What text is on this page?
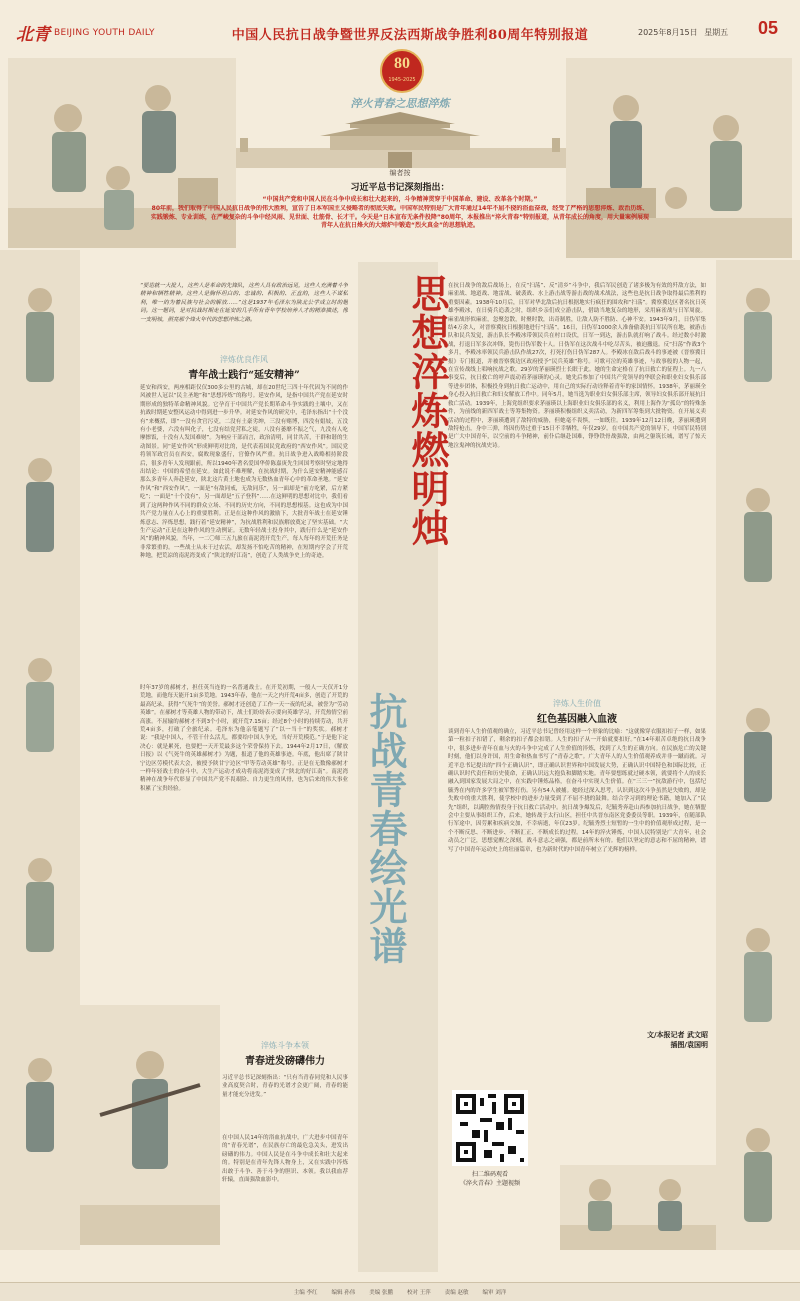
北青 BEIJING YOUTH DAILY	中国人民抗日战争暨世界反法西斯战争胜利80周年特别报道	2025年8月15日 星期五 05
80
1945-2025
淬火青春之思想淬炼
编者按
习近平总书记深刻指出：
“中国共产党和中国人民在斗争中成长和壮大起来的，斗争精神贯穿于中国革命、建设、改革各个时期。”
80年前，我们取得了中国人民抗日战争的伟大胜利，宣告了日本军国主义侵略者的彻底失败。中国军民特别是广大青年通过14年不屈不挠的浴血奋战，经受了严格的思想淬炼、政治历练、实践锻炼、专业训练，在严峻复杂的斗争中经风雨、见世面、壮筋骨、长才干。今天是“日本宣布无条件投降”80周年，本报推出“淬火青春”特别报道，从青年成长的角度，用大量案例展现青年人在抗日烽火的大熔炉中锻造“烈火真金”的思想轨迹。
思想淬炼燃明烛
抗战青春绘光谱
“要造就一大批人，这些人是革命的先锋队，这些人具有政治远见，这些人充满着斗争精神和牺牲精神。这些人是胸怀坦白的、忠诚的、积极的、正直的，这些人不谋私利，唯一的为着民族与社会的解放……”这是1937年毛泽东为陕北公学成立时的题词。这一题词，是对抗战时期走在延安的几乎所有青年学校培养人才的精准描述，像一支明烛，照亮那个烽火年代的思想淬炼之路。
淬炼优良作风
青年战士践行“延安精神”
延安和西安，两座相距仅仅300多公里的古城，却在20世纪三四十年代因为不同的作风被世人冠以“民主圣地”和“思想淬炼”的称号。延安作风，是指中国共产党在延安时期形成的独特革命精神风貌。它孕育于中国共产党长期革命斗争实践的土壤中，又在抗战时期延安整风运动中得到进一步升华。对延安作风的研究中，毛泽东指出“十个没有”来概括，即“一没有贪官污吏，二没有土豪劣绅，三没有赌博，四没有娼妓，五没有小老婆，六没有叫化子，七没有结党营私之徒，八没有萎靡不振之气，九没有人吃摩擦饭，十没有人发国难财”。为响应干部而言，政治清明，同甘共苦，干群和谐的生动图景。同“延安作风”形成鲜明对比的，是代表着国民党政府的“西安作风”。国民党将领军政官员在西安，腐败现象盛行，官僚作风严重。抗日战争进入战略相持阶段后，很多青年人发现跟前，所以1940年著名爱国华侨陈嘉庚先生回国考察时坚定地得出结论：中国的希望在延安。如此说不难理解，在抗战时期，为什么延安精神能感召那么多青年人奔赴延安，陕北这片黄土地也成为无数热血青年心中的革命圣地。“延安作风”和“西安作风”，一面是“有敌同戒，无敌同乐”，另一面却是“前方吃紧，后方紧吃”；一面是“十个没有”，另一面却是“五子登科”……在这鲜明的思想对比中，我们看到了这两种作风不同的群众立场、不同的历史方向，不同的思想根基。这也成为中国共产党力量在人心上的重要胜利。正是在这种作风的激励下，大批青年战士在延安锤炼意志、淬炼思想，践行着“延安精神”，为抗战胜利和民族解放奠定了坚实基础。“大生产运动”正是在这种作风的生动例证。无数年轻战士投身其中，践行什么是“延安作风”的精神风貌。当年，一二〇师三五九旅在南泥湾开荒生产，每人每年的开荒任务是非常繁重的。一些战士从未干过农活，却发扬不怕吃苦的精神，在短期内学会了开荒种地，把荒凉的南泥湾变成了“陕北的好江南”，创造了人类战争史上的奇迹。
时年37岁的郝树才，担任英当连的一名普通战士。在开荒初期，一般人一天仅开1分荒地，而他每天能开1亩多荒地。1943年春，他在一天之内开荒4亩多，创造了开荒的最高纪录，获得“气死牛”的美誉。郝树才还创造了工作一天一夜的纪录，被誉为“劳动英雄”。在郝树才等英雄人物的带动下，战士们纷纷表示要向英雄学习，开荒热情空前高涨。不屈输的郝树才不到3个小时，就开荒7.15亩；经过8个小时的持续劳动，共开荒4亩多，打破了全旅纪录。毛泽东为他亲笔题写了“以一当十”的奖状。郝树才说：“我是中国人，不管干什么活儿，都要给中国人争光，当好开荒模范。”于是他下定决心：就是累死，也要把一天开荒最多这个荣誉保持下去。1944年2月17日，《解放日报》以《气死牛的英雄郝树才》为题，报道了他的英雄事迹。年底，他出席了陕甘宁边区劳模代表大会，被授予陕甘宁边区“甲等劳动英雄”称号。正是在无数像郝树才一样年轻战士的奋斗中，大生产运动才成功将南泥湾变成了“陕北的好江南”。南泥湾精神在战争年代彰显了中国共产党不畏艰险、自力更生的风骨，也为后来的伟大事业积累了宝贵经验。
淬炼斗争本领
青春迸发磅礴伟力
习近平总书记深刻指出：“只有当青春同党和人民事业高度契合时，青春的光谱才会更广阔，青春的能量才能充分迸发。”
在中国人民14年的浴血抗战中，广大进步中国青年的“青春光谱”，在民族存亡的最危急关头，进发出磅礴的伟力。中国人民是在斗争中成长和壮大起来的。特别是在青年先锋人物身上，又在实践中淬炼出敢于斗争、善于斗争的胆识、本领。我以我血荐轩辕，直面强敌血影中。
在抗日战争的敌后战场上，在反“扫荡”、反“清乡”斗争中，我后军民创造了诸多极为有效的歼敌方法，如麻雀战、地道战、地雷战、破袭战、水上游击战等游击战的战术战法，这些也是抗日战争取得最后胜利的重要因素。1938年10月后，日军对华北敌后抗日根据地实行疯狂的围攻和“扫荡”。冀察冀边区著名抗日英雄李殿冰，在日骑兵追袭之时，组织乡亲们成立游击队，借助当地复杂的地形，采用麻雀战与日军周旋。麻雀战形似麻雀，忽聚忽散，时聚时散，出奇制胜，让敌人防不胜防、心神不安。1943年9月，日伪军集结4万余人，对晋察冀抗日根据地进行“扫荡”。16日，日伪军1000余人准备偷袭抗日军民所在地，被游击队和民兵发觉，游击队长李殿冰带领民兵在村口设伏，日军一到达，游击队就打响了战斗。经过数小时激战，打退日军多次冲锋，毙伤日伪军数十人。日伪军在这次战斗中吃尽苦头，被迫撤退。反“扫荡”作战3个多月，李殿冰率领民兵游击队作战27次，打死打伤日伪军287人。李殿冰在敌后战斗的事迹被《晋察冀日报》专门报道，并被晋察冀边区政府授予“民兵英雄”称号。可歌可泣的英雄事迹，与故事般的人物一起，在宣传战线上唱响抗战之歌。29岁的茅丽瑛烈士长眠于此。她的生命定格在了抗日救亡的征程上。九一八事变后，抗日救亡的呼声震动着茅丽瑛的心灵。她先后参加了中国共产党领导的华联会和职业妇女俱乐部等进步团体，积极投身到抗日救亡运动中，用自己的实际行动诠释着青年的家国情怀。1938年，茅丽瑛全身心投入抗日救亡和妇女解放工作中。同年5月，她当选为职业妇女俱乐部主席，领导妇女俱乐部开展抗日救亡活动。1939年，上海党组织要求茅丽瑛以上海职业妇女俱乐部的名义，利用上海作为“孤岛”的特殊条件，为前线的新四军战士等筹集物资。茅丽瑛积极组织义卖活动，为新四军筹集到大批物资。在开展义卖活动的过程中，茅丽瑛遭到了敌特的威胁，但她毫不畏惧，一如既往。1939年12月12日晚，茅丽瑛遭到敌特枪击，身中三弹，终因伤势过重于15日不幸牺牲，年仅29岁。在中国共产党的领导下，中国军民特别是广大中国青年，以空前的斗争精神，前仆后继赴国难，铮铮铁骨战强敌，由两之躯筑长城，谱写了惊天地泣鬼神的抗战史诗。
淬炼人生价值
红色基因融入血液
谈到青年人生价值观的确立，习近平总书记曾经用这样一个形象的比喻：“这就像穿衣服扣扣子一样，如果第一粒扣子扣错了，剩余的扣子都会扣错。人生的扣子从一开始就要扣好。”在14年艰苦卓绝的抗日战争中，很多进步青年在血与火的斗争中完成了人生价值的淬炼，找到了人生的正确方向。在民族危亡的关键时刻，他们以身许国，用生命和热血书写了“青春之歌”。广大青年人的人生价值观养成并非一蹴而就。习近平总书记提出的“四个正确认识”，即正确认识世界和中国发展大势，正确认识中国特色和国际比较，正确认识时代责任和历史使命，正确认识远大抱负和脚踏实地。青年要想练就过硬本领，就要将个人的成长融入到国家发展大局之中，在实践中锤炼品格，在奋斗中实现人生价值。在“三三一”抗敌游行中，包括纪毓秀在内的许多学生被军警打伤。另有54人被捕。她经过深入思考，认识到这次斗争虽然是失败的，却是失败中的重大胜利，使学校中的进步力量受到了不屈不挠的鼓舞。结合学习到的理论书籍，她加入了“民先”组织，以满腔热情投身于抗日救亡活动中。抗日战争爆发后，纪毓秀奔赴山西参加抗日战争，她在牺盟会中主要从事组织工作，后来，她转战于太行山区，担任中共晋东南区党委委员等职。1939年，在随部队行军途中，因劳累和疾病交加，不幸病逝，年仅23岁。纪毓秀烈士短暂的一生中的价值观形成过程，是一个不断反思、不断进步、不断汇正、不断成长的过程。14年的淬火锤炼，中国人民特别是广大青年，社会动员之广泛，思想觉醒之深刻，战斗意志之顽强，都是前所未有的。他们以坚定的意志和不屈的精神，谱写了中国青年运动史上的壮丽篇章，也为新时代的中国青年树立了光辉的榜样。
文/本报记者 武文昭
插图/袁国明
扫二维码观看
《淬火青春》主题视频
主编 李红	编辑 孙伟	美编 张鹏	校对 王萍	责编 赵敏	编审 刘洋
